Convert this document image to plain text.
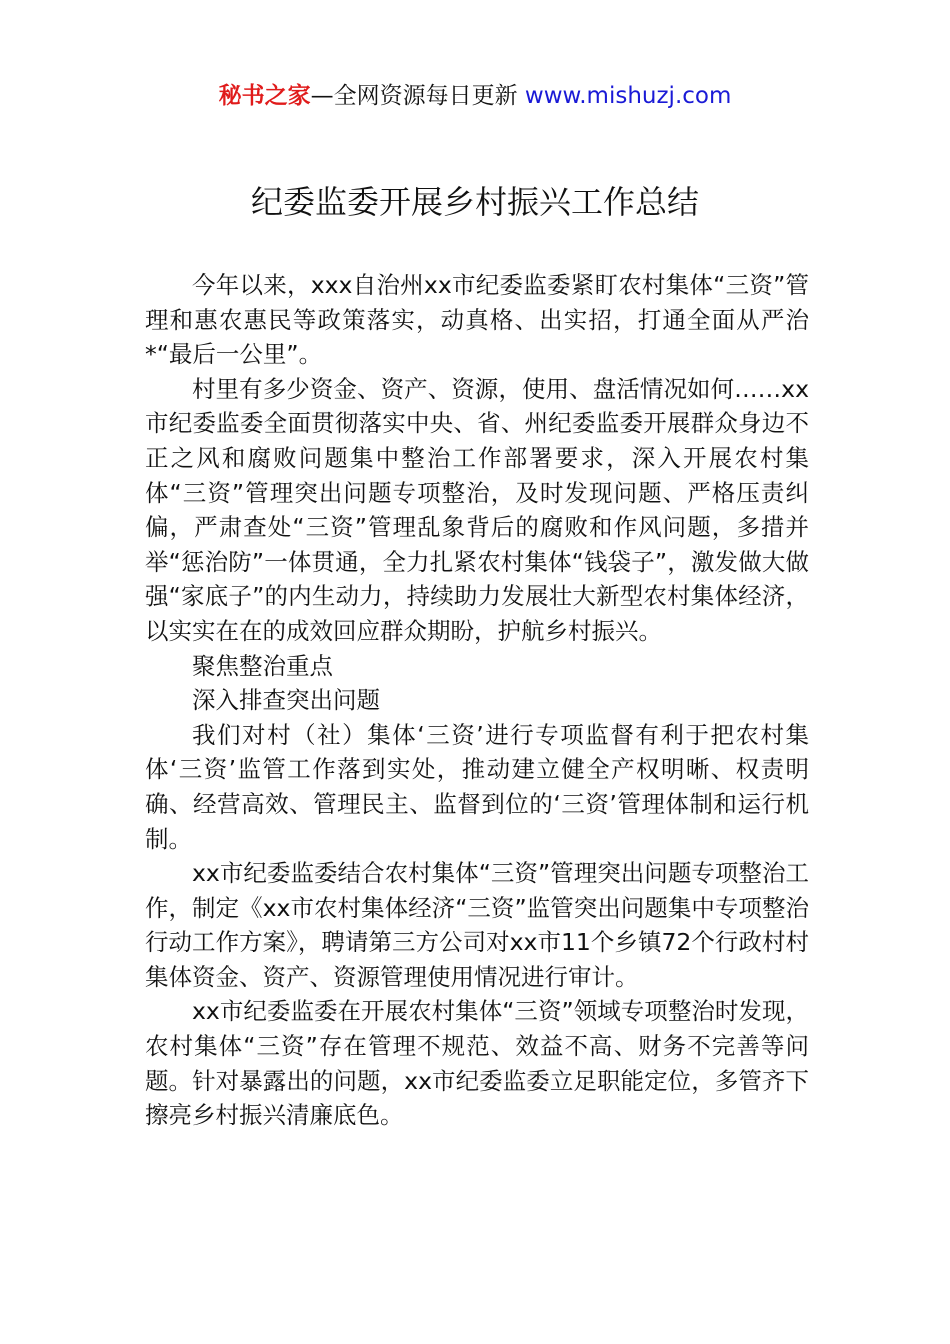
秘书之家—全网资源每日更新 www.mishuzj.com
纪委监委开展乡村振兴工作总结

今年以来，xxx自治州xx市纪委监委紧盯农村集体“三资”管理和惠农惠民等政策落实，动真格、出实招，打通全面从严治*“最后一公里”。

村里有多少资金、资产、资源，使用、盘活情况如何……xx市纪委监委全面贯彻落实中央、省、州纪委监委开展群众身边不正之风和腐败问题集中整治工作部署要求，深入开展农村集体“三资”管理突出问题专项整治，及时发现问题、严格压责纠偏，严肃查处“三资”管理乱象背后的腐败和作风问题，多措并举“惩治防”一体贯通，全力扎紧农村集体“钱袋子”，激发做大做强“家底子”的内生动力，持续助力发展壮大新型农村集体经济，以实实在在的成效回应群众期盼，护航乡村振兴。

聚焦整治重点

深入排查突出问题

我们对村（社）集体‘三资’进行专项监督有利于把农村集体‘三资’监管工作落到实处，推动建立健全产权明晰、权责明确、经营高效、管理民主、监督到位的‘三资’管理体制和运行机制。

xx市纪委监委结合农村集体“三资”管理突出问题专项整治工作，制定《xx市农村集体经济“三资”监管突出问题集中专项整治行动工作方案》，聘请第三方公司对xx市11个乡镇72个行政村村集体资金、资产、资源管理使用情况进行审计。

xx市纪委监委在开展农村集体“三资”领域专项整治时发现，农村集体“三资”存在管理不规范、效益不高、财务不完善等问题。针对暴露出的问题，xx市纪委监委立足职能定位，多管齐下擦亮乡村振兴清廉底色。
